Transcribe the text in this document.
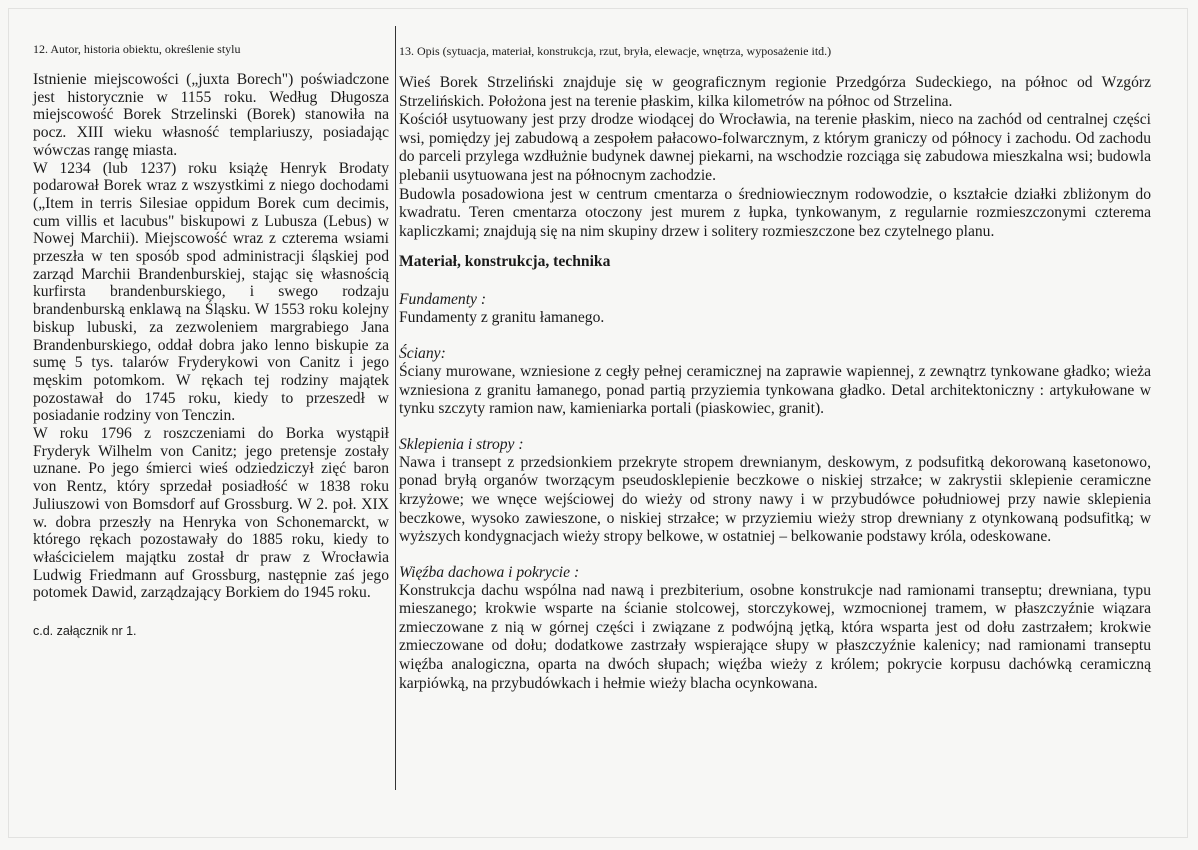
12. Autor, historia obiektu, określenie stylu

Istnienie miejscowości („juxta Borech") poświadczone jest historycznie w 1155 roku. Według Długosza miejscowość Borek Strzelinski (Borek) stanowiła na pocz. XIII wieku własność templariuszy, posiadając wówczas rangę miasta.

W 1234 (lub 1237) roku książę Henryk Brodaty podarował Borek wraz z wszystkimi z niego dochodami („Item in terris Silesiae oppidum Borek cum decimis, cum villis et lacubus" biskupowi z Lubusza (Lebus) w Nowej Marchii). Miejscowość wraz z czterema wsiami przeszła w ten sposób spod administracji śląskiej pod zarząd Marchii Brandenburskiej, stając się własnością kurfirsta brandenburskiego, i swego rodzaju brandenburską enklawą na Śląsku. W 1553 roku kolejny biskup lubuski, za zezwoleniem margrabiego Jana Brandenburskiego, oddał dobra jako lenno biskupie za sumę 5 tys. talarów Fryderykowi von Canitz i jego męskim potomkom. W rękach tej rodziny majątek pozostawał do 1745 roku, kiedy to przeszedł w posiadanie rodziny von Tenczin.

W roku 1796 z roszczeniami do Borka wystąpił Fryderyk Wilhelm von Canitz; jego pretensje zostały uznane. Po jego śmierci wieś odziedziczył zięć baron von Rentz, który sprzedał posiadłość w 1838 roku Juliuszowi von Bomsdorf auf Grossburg. W 2. poł. XIX w. dobra przeszły na Henryka von Schonemarckt, w którego rękach pozostawały do 1885 roku, kiedy to właścicielem majątku został dr praw z Wrocławia Ludwig Friedmann auf Grossburg, następnie zaś jego potomek Dawid, zarządzający Borkiem do 1945 roku.

c.d. załącznik nr 1.
13. Opis (sytuacja, materiał, konstrukcja, rzut, bryła, elewacje, wnętrza, wyposażenie itd.)

Wieś Borek Strzeliński znajduje się w geograficznym regionie Przedgórza Sudeckiego, na północ od Wzgórz Strzelińskich. Położona jest na terenie płaskim, kilka kilometrów na północ od Strzelina.

Kościół usytuowany jest przy drodze wiodącej do Wrocławia, na terenie płaskim, nieco na zachód od centralnej części wsi, pomiędzy jej zabudową a zespołem pałacowo-folwarcznym, z którym graniczy od północy i zachodu. Od zachodu do parceli przylega wzdłużnie budynek dawnej piekarni, na wschodzie rozciąga się zabudowa mieszkalna wsi; budowla plebanii usytuowana jest na północnym zachodzie.

Budowla posadowiona jest w centrum cmentarza o średniowiecznym rodowodzie, o kształcie działki zbliżonym do kwadratu. Teren cmentarza otoczony jest murem z łupka, tynkowanym, z regularnie rozmieszczonymi czterema kapliczkami; znajdują się na nim skupiny drzew i solitery rozmieszczone bez czytelnego planu.

Materiał, konstrukcja, technika
Fundamenty :

Fundamenty z granitu łamanego.

Ściany:

Ściany murowane, wzniesione z cegły pełnej ceramicznej na zaprawie wapiennej, z zewnątrz tynkowane gładko; wieża wzniesiona z granitu łamanego, ponad partią przyziemia tynkowana gładko. Detal architektoniczny : artykułowane w tynku szczyty ramion naw, kamieniarka portali (piaskowiec, granit).

Sklepienia i stropy :

Nawa i transept z przedsionkiem przekryte stropem drewnianym, deskowym, z podsufitką dekorowaną kasetonowo, ponad bryłą organów tworzącym pseudosklepienie beczkowe o niskiej strzałce; w zakrystii sklepienie ceramiczne krzyżowe; we wnęce wejściowej do wieży od strony nawy i w przybudówce południowej przy nawie sklepienia beczkowe, wysoko zawieszone, o niskiej strzałce; w przyziemiu wieży strop drewniany z otynkowaną podsufitką; w wyższych kondygnacjach wieży stropy belkowe, w ostatniej – belkowanie podstawy króla, odeskowane.

Więźba dachowa i pokrycie :

Konstrukcja dachu wspólna nad nawą i prezbiterium, osobne konstrukcje nad ramionami transeptu; drewniana, typu mieszanego; krokwie wsparte na ścianie stolcowej, storczykowej, wzmocnionej tramem, w płaszczyźnie wiązara zmieczowane z nią w górnej części i związane z podwójną jętką, która wsparta jest od dołu zastrzałem; krokwie zmieczowane od dołu; dodatkowe zastrzały wspierające słupy w płaszczyźnie kalenicy; nad ramionami transeptu więźba analogiczna, oparta na dwóch słupach; więźba wieży z królem; pokrycie korpusu dachówką ceramiczną karpiówką, na przybudówkach i hełmie wieży blacha ocynkowana.
